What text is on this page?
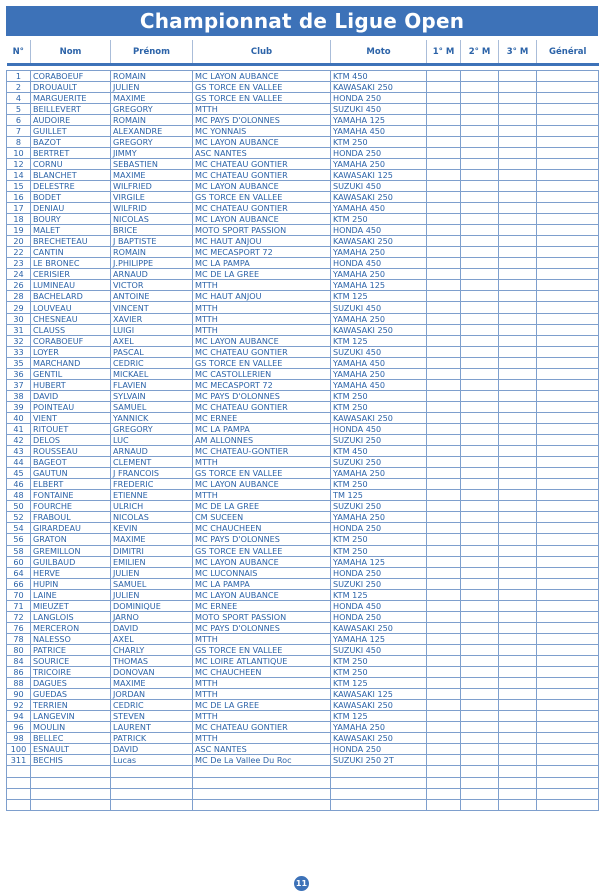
Championnat de Ligue Open
N°	Nom	Prénom	Club	Moto	1° M	2° M	3° M	Général

1	CORABOEUF	ROMAIN	MC LAYON AUBANCE	KTM 450				
2	DROUAULT	JULIEN	GS TORCE EN VALLEE	KAWASAKI 250				
4	MARGUERITE	MAXIME	GS TORCE EN VALLEE	HONDA 250				
5	BEILLEVERT	GREGORY	MTTH	SUZUKI 450				
6	AUDOIRE	ROMAIN	MC PAYS D'OLONNES	YAMAHA 125				
7	GUILLET	ALEXANDRE	MC YONNAIS	YAMAHA 450				
8	BAZOT	GREGORY	MC LAYON AUBANCE	KTM 250				
10	BERTRET	JIMMY	ASC NANTES	HONDA 250				
12	CORNU	SEBASTIEN	MC CHATEAU GONTIER	YAMAHA 250				
14	BLANCHET	MAXIME	MC CHATEAU GONTIER	KAWASAKI 125				
15	DELESTRE	WILFRIED	MC LAYON AUBANCE	SUZUKI 450				
16	BODET	VIRGILE	GS TORCE EN VALLEE	KAWASAKI 250				
17	DENIAU	WILFRID	MC CHATEAU GONTIER	YAMAHA 450				
18	BOURY	NICOLAS	MC LAYON AUBANCE	KTM 250				
19	MALET	BRICE	MOTO SPORT PASSION	HONDA 450				
20	BRECHETEAU	J BAPTISTE	MC HAUT ANJOU	KAWASAKI 250				
22	CANTIN	ROMAIN	MC MECASPORT 72	YAMAHA 250				
23	LE BRONEC	J.PHILIPPE	MC LA PAMPA	HONDA 450				
24	CERISIER	ARNAUD	MC DE LA GREE	YAMAHA 250				
26	LUMINEAU	VICTOR	MTTH	YAMAHA 125				
28	BACHELARD	ANTOINE	MC HAUT ANJOU	KTM 125				
29	LOUVEAU	VINCENT	MTTH	SUZUKI 450				
30	CHESNEAU	XAVIER	MTTH	YAMAHA 250				
31	CLAUSS	LUIGI	MTTH	KAWASAKI 250				
32	CORABOEUF	AXEL	MC LAYON AUBANCE	KTM 125				
33	LOYER	PASCAL	MC CHATEAU GONTIER	SUZUKI 450				
35	MARCHAND	CEDRIC	GS TORCE EN VALLEE	YAMAHA 450				
36	GENTIL	MICKAEL	MC CASTOLLERIEN	YAMAHA 250				
37	HUBERT	FLAVIEN	MC MECASPORT 72	YAMAHA 450				
38	DAVID	SYLVAIN	MC PAYS D'OLONNES	KTM 250				
39	POINTEAU	SAMUEL	MC CHATEAU GONTIER	KTM 250				
40	VIENT	YANNICK	MC ERNEE	KAWASAKI 250				
41	RITOUET	GREGORY	MC LA PAMPA	HONDA 450				
42	DELOS	LUC	AM ALLONNES	SUZUKI 250				
43	ROUSSEAU	ARNAUD	MC CHATEAU-GONTIER	KTM 450				
44	BAGEOT	CLEMENT	MTTH	SUZUKI 250				
45	GAUTUN	J FRANCOIS	GS TORCE EN VALLEE	YAMAHA 250				
46	ELBERT	FREDERIC	MC LAYON AUBANCE	KTM 250				
48	FONTAINE	ETIENNE	MTTH	TM 125				
50	FOURCHE	ULRICH	MC DE LA GREE	SUZUKI 250				
52	FRABOUL	NICOLAS	CM SUCEEN	YAMAHA 250				
54	GIRARDEAU	KEVIN	MC CHAUCHEEN	HONDA 250				
56	GRATON	MAXIME	MC PAYS D'OLONNES	KTM 250				
58	GREMILLON	DIMITRI	GS TORCE EN VALLEE	KTM 250				
60	GUILBAUD	EMILIEN	MC LAYON AUBANCE	YAMAHA 125				
64	HERVE	JULIEN	MC LUCONNAIS	HONDA 250				
66	HUPIN	SAMUEL	MC LA PAMPA	SUZUKI 250				
70	LAINE	JULIEN	MC LAYON AUBANCE	KTM 125				
71	MIEUZET	DOMINIQUE	MC ERNEE	HONDA 450				
72	LANGLOIS	JARNO	MOTO SPORT PASSION	HONDA 250				
76	MERCERON	DAVID	MC PAYS D'OLONNES	KAWASAKI 250				
78	NALESSO	AXEL	MTTH	YAMAHA 125				
80	PATRICE	CHARLY	GS TORCE EN VALLEE	SUZUKI 450				
84	SOURICE	THOMAS	MC LOIRE ATLANTIQUE	KTM 250				
86	TRICOIRE	DONOVAN	MC CHAUCHEEN	KTM 250				
88	DAGUES	MAXIME	MTTH	KTM 125				
90	GUEDAS	JORDAN	MTTH	KAWASAKI 125				
92	TERRIEN	CEDRIC	MC DE LA GREE	KAWASAKI 250				
94	LANGEVIN	STEVEN	MTTH	KTM 125				
96	MOULIN	LAURENT	MC CHATEAU GONTIER	YAMAHA 250				
98	BELLEC	PATRICK	MTTH	KAWASAKI 250				
100	ESNAULT	DAVID	ASC NANTES	HONDA 250				
311	BECHIS	Lucas	MC De La Vallee Du Roc	SUZUKI 250 2T				

11
